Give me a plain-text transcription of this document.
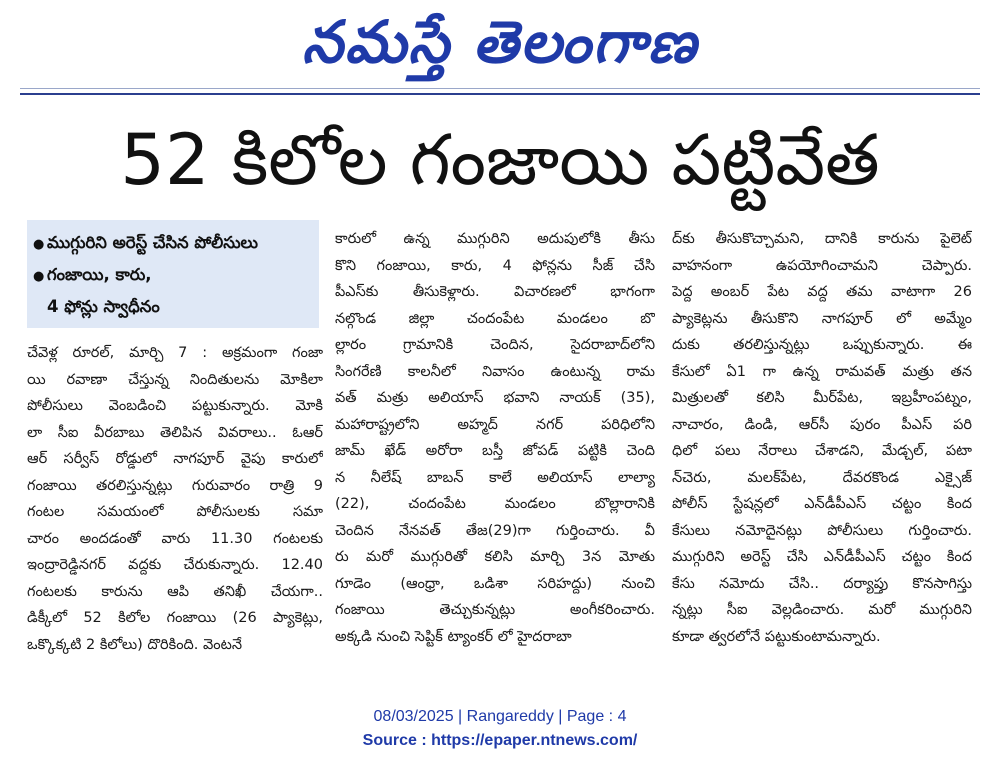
నమస్తే తెలంగాణ
52 కిలోల గంజాయి పట్టివేత
● ముగ్గురిని అరెస్ట్ చేసిన పోలీసులు
● గంజాయి, కారు,
4 ఫోన్లు స్వాధీనం
చేవెళ్ల రూరల్, మార్చి 7 : అక్రమంగా గంజా
యి రవాణా చేస్తున్న నిందితులను మోకిలా
పోలీసులు వెంబడించి పట్టుకున్నారు. మోకి
లా సీఐ వీరబాబు తెలిపిన వివరాలు.. ఓఆర్
ఆర్ సర్వీస్ రోడ్డులో నాగపూర్ వైపు కారులో
గంజాయి తరలిస్తున్నట్లు గురువారం రాత్రి 9
గంటల సమయంలో పోలీసులకు సమా
చారం అందడంతో వారు 11.30 గంటలకు
ఇంద్రారెడ్డినగర్ వద్దకు చేరుకున్నారు. 12.40
గంటలకు కారును ఆపి తనిఖీ చేయగా..
డిక్కీలో 52 కిలోల గంజాయి (26 ప్యాకెట్లు,
ఒక్కొక్కటి 2 కిలోలు) దొరికింది. వెంటనే
కారులో ఉన్న ముగ్గురిని అదుపులోకి తీసు
కొని గంజాయి, కారు, 4 ఫోన్లను సీజ్ చేసి
పీఎస్‌కు తీసుకెళ్లారు. విచారణలో భాగంగా
నల్గొండ జిల్లా చందంపేట మండలం బొ
ల్లారం గ్రామానికి చెందిన, సైదరాబాద్‌లోని
సింగరేణి కాలనీలో నివాసం ఉంటున్న రామ
వత్ మత్రు అలియాస్ భవాని నాయక్ (35),
మహారాష్ట్రలోని అహ్మద్ నగర్ పరిధిలోని
జామ్ ఖేడ్ అరోరా బస్తీ జోపడ్ పట్టికి చెంది
న నీలేష్ బాబన్ కాలే అలియాస్ లాల్యా
(22), చందంపేట మండలం బొల్లారానికి
చెందిన నేనవత్ తేజ(29)గా గుర్తించారు. వీ
రు మరో ముగ్గురితో కలిసి మార్చి 3న మోతు
గూడెం (ఆంధ్రా, ఒడిశా సరిహద్దు) నుంచి
గంజాయి తెచ్చుకున్నట్లు అంగీకరించారు.
అక్కడి నుంచి సెప్టిక్ ట్యాంకర్ లో హైదరాబా
ద్‌కు తీసుకొచ్చామని, దానికి కారును పైలెట్
వాహనంగా ఉపయోగించామని చెప్పారు.
పెద్ద అంబర్ పేట వద్ద తమ వాటాగా 26
ప్యాకెట్లను తీసుకొని నాగపూర్ లో అమ్మేం
దుకు తరలిస్తున్నట్లు ఒప్పుకున్నారు. ఈ
కేసులో ఏ1 గా ఉన్న రామవత్ మత్రు తన
మిత్రులతో కలిసి మీర్‌పేట, ఇబ్రహీంపట్నం,
నాచారం, డిండి, ఆర్‌సీ పురం పీఎస్ పరి
ధిలో పలు నేరాలు చేశాడని, మేడ్చల్, పటా
న్‌చెరు, మలక్‌పేట, దేవరకొండ ఎక్సైజ్
పోలీస్ స్టేషన్లలో ఎన్‌డీపీఎస్ చట్టం కింద
కేసులు నమోదైనట్లు పోలీసులు గుర్తించారు.
ముగ్గురిని అరెస్ట్ చేసి ఎన్‌డీపీఎస్ చట్టం కింద
కేసు నమోదు చేసి.. దర్యాప్తు కొనసాగిస్తు
న్నట్లు సీఐ వెల్లడించారు. మరో ముగ్గురిని
కూడా త్వరలోనే పట్టుకుంటామన్నారు.
08/03/2025 | Rangareddy | Page : 4
Source : https://epaper.ntnews.com/
